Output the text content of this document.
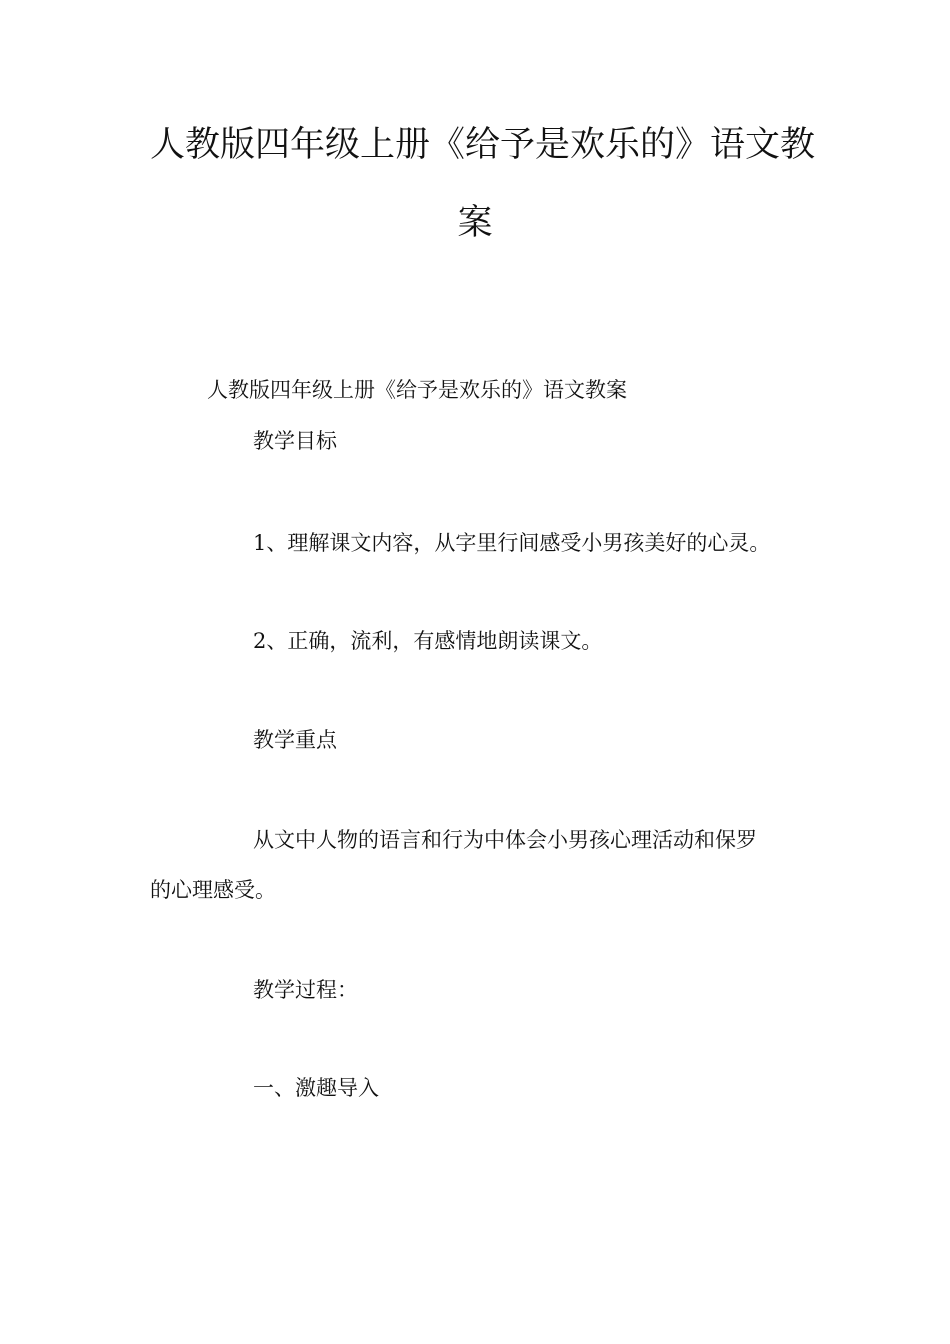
人教版四年级上册《给予是欢乐的》语文教
案
人教版四年级上册《给予是欢乐的》语文教案
教学目标
1、理解课文内容，从字里行间感受小男孩美好的心灵。
2、正确，流利，有感情地朗读课文。
教学重点
从文中人物的语言和行为中体会小男孩心理活动和保罗
的心理感受。
教学过程：
一、激趣导入
